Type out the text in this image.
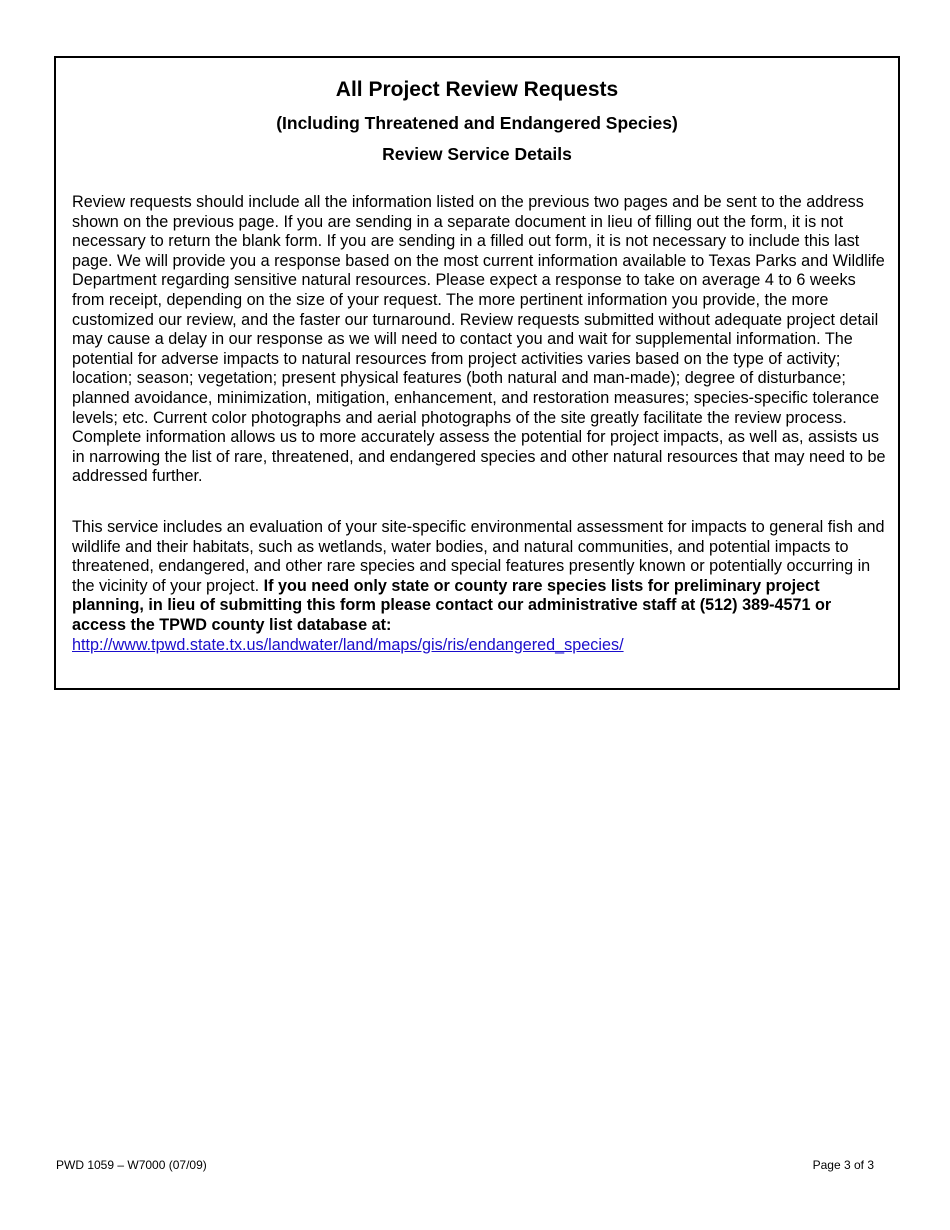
All Project Review Requests
(Including Threatened and Endangered Species)
Review Service Details

Review requests should include all the information listed on the previous two pages and be sent to the address shown on the previous page. If you are sending in a separate document in lieu of filling out the form, it is not necessary to return the blank form. If you are sending in a filled out form, it is not necessary to include this last page. We will provide you a response based on the most current information available to Texas Parks and Wildlife Department regarding sensitive natural resources. Please expect a response to take on average 4 to 6 weeks from receipt, depending on the size of your request. The more pertinent information you provide, the more customized our review, and the faster our turnaround. Review requests submitted without adequate project detail may cause a delay in our response as we will need to contact you and wait for supplemental information. The potential for adverse impacts to natural resources from project activities varies based on the type of activity; location; season; vegetation; present physical features (both natural and man-made); degree of disturbance; planned avoidance, minimization, mitigation, enhancement, and restoration measures; species-specific tolerance levels; etc. Current color photographs and aerial photographs of the site greatly facilitate the review process. Complete information allows us to more accurately assess the potential for project impacts, as well as, assists us in narrowing the list of rare, threatened, and endangered species and other natural resources that may need to be addressed further.

This service includes an evaluation of your site-specific environmental assessment for impacts to general fish and wildlife and their habitats, such as wetlands, water bodies, and natural communities, and potential impacts to threatened, endangered, and other rare species and special features presently known or potentially occurring in the vicinity of your project. If you need only state or county rare species lists for preliminary project planning, in lieu of submitting this form please contact our administrative staff at (512) 389-4571 or access the TPWD county list database at:
http://www.tpwd.state.tx.us/landwater/land/maps/gis/ris/endangered_species/

PWD 1059 – W7000 (07/09)	Page 3 of 3
